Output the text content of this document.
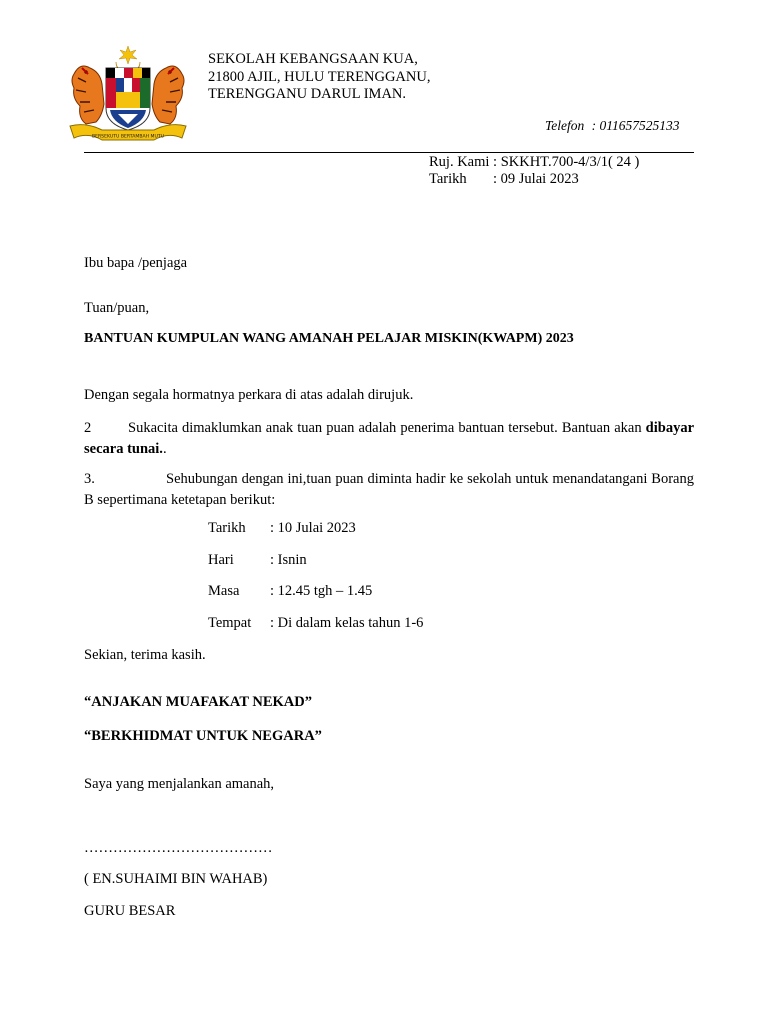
BERSEKUTU BERTAMBAH MUTU
SEKOLAH KEBANGSAAN KUA,
21800 AJIL, HULU TERENGGANU,
TERENGGANU DARUL IMAN.
Telefon : 011657525133
Ruj. Kami : SKKHT.700-4/3/1( 24 )
Tarikh : 09 Julai 2023
Ibu bapa /penjaga
Tuan/puan,
BANTUAN KUMPULAN WANG AMANAH PELAJAR MISKIN(KWAPM) 2023
Dengan segala hormatnya perkara di atas adalah dirujuk.
2	Sukacita dimaklumkan anak tuan puan adalah penerima bantuan tersebut. Bantuan akan dibayar secara tunai..
3.	Sehubungan dengan ini,tuan puan diminta hadir ke sekolah untuk menandatangani Borang B sepertimana ketetapan berikut:
Tarikh : 10 Julai 2023
Hari : Isnin
Masa : 12.45 tgh – 1.45
Tempat : Di dalam kelas tahun 1-6
Sekian, terima kasih.
“ANJAKAN MUAFAKAT NEKAD”
“BERKHIDMAT UNTUK NEGARA”
Saya yang menjalankan amanah,
…………………………………
( EN.SUHAIMI BIN WAHAB)
GURU BESAR
